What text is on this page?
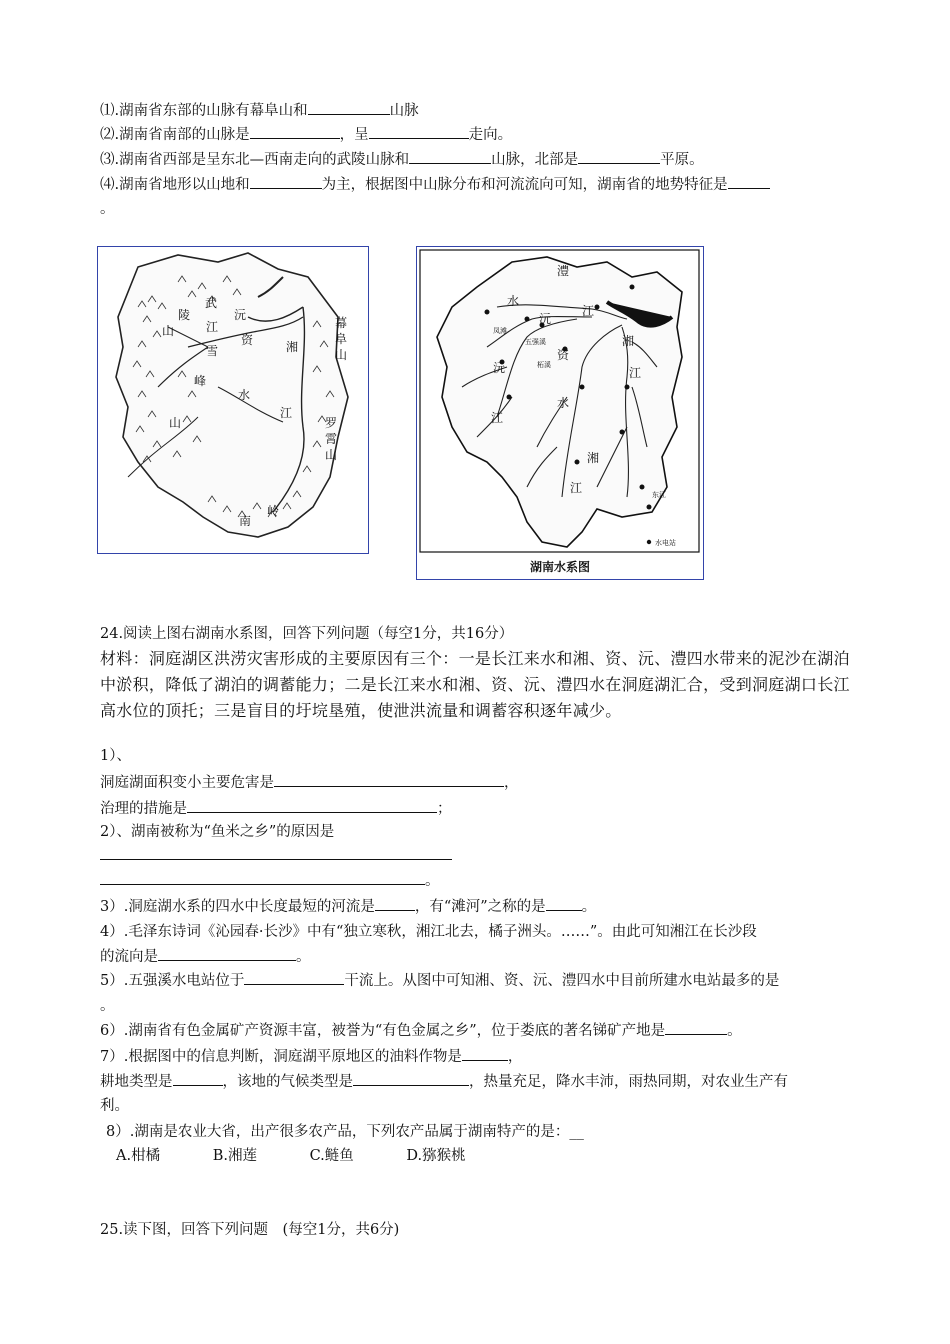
⑴.湖南省东部的山脉有幕阜山和	山脉
⑵.湖南省南部的山脉是	，呈	走向。
⑶.湖南省西部是呈东北—西南走向的武陵山脉和	山脉，北部是	平原。
⑷.湖南省地形以山地和	为主，根据图中山脉分布和河流流向可知，湖南省的地势特征是
。
武
陵
山	江
沅
资	湘
雪
峰
水
山
江
幕
阜
山
罗
霄
山
南
岭
澧
水
沅
江
资
湘
江
沅
江
水
湘
江
凤滩
五强溪
柘溪
东江
水电站
湖南水系图
24.阅读上图右湖南水系图，回答下列问题（每空1分，共16分）
材料：洞庭湖区洪涝灾害形成的主要原因有三个：一是长江来水和湘、资、沅、澧四水带来的泥沙在湖泊中淤积，降低了湖泊的调蓄能力；二是长江来水和湘、资、沅、澧四水在洞庭湖汇合，受到洞庭湖口长江高水位的顶托；三是盲目的圩垸垦殖，使泄洪流量和调蓄容积逐年减少。
1）、
洞庭湖面积变小主要危害是	，
治理的措施是	；
2）、湖南被称为“鱼米之乡”的原因是
。
3）.洞庭湖水系的四水中长度最短的河流是	，有“滩河”之称的是 。
4）.毛泽东诗词《沁园春·长沙》中有“独立寒秋，湘江北去，橘子洲头。……”。由此可知湘江在长沙段
的流向是	。
5）.五强溪水电站位于	干流上。从图中可知湘、资、沅、澧四水中目前所建水电站最多的是
。
6）.湖南省有色金属矿产资源丰富，被誉为“有色金属之乡”，位于娄底的著名锑矿产地是	。
7）.根据图中的信息判断，洞庭湖平原地区的油料作物是	，
耕地类型是	，该地的气候类型是	，热量充足，降水丰沛，雨热同期，对农业生产有
利。
8）.湖南是农业大省，出产很多农产品，下列农产品属于湖南特产的是：__
A.柑橘	B.湘莲	C.鲢鱼	D.猕猴桃
25.读下图，回答下列问题　(每空1分，共6分)
